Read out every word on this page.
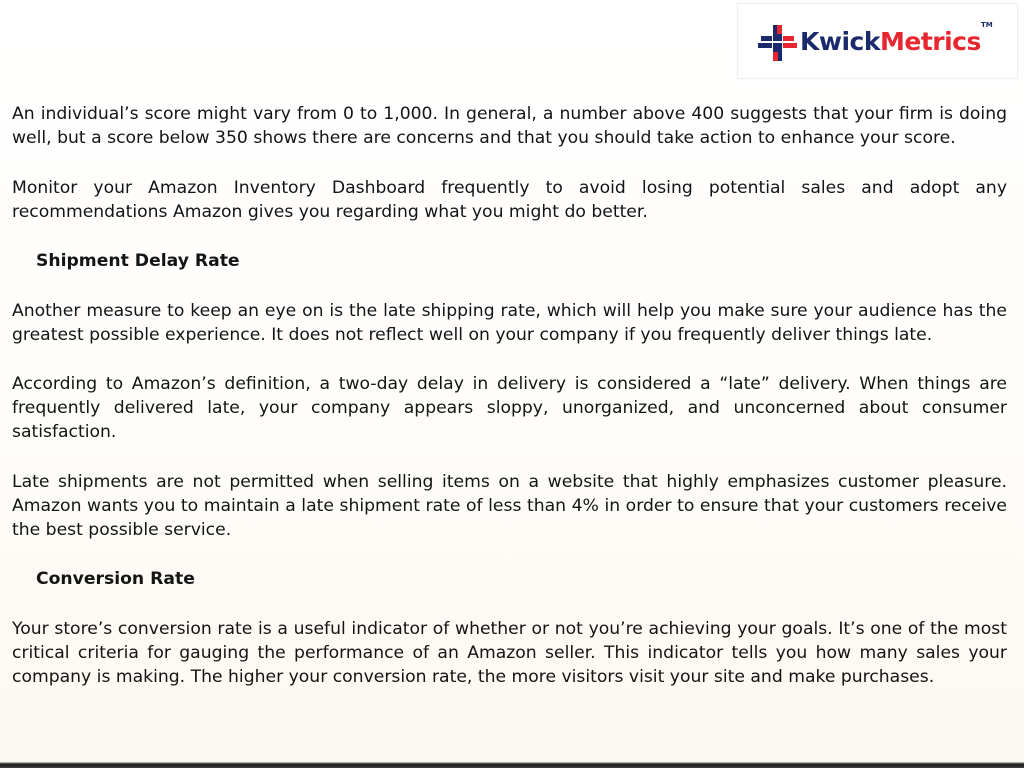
KwickMetrics
TM

An individual’s score might vary from 0 to 1,000. In general, a number above 400 suggests that your firm is doing well, but a score below 350 shows there are concerns and that you should take action to enhance your score.

Monitor your Amazon Inventory Dashboard frequently to avoid losing potential sales and adopt any recommendations Amazon gives you regarding what you might do better.

Shipment Delay Rate

Another measure to keep an eye on is the late shipping rate, which will help you make sure your audience has the greatest possible experience. It does not reflect well on your company if you frequently deliver things late.

According to Amazon’s definition, a two-day delay in delivery is considered a “late” delivery. When things are frequently delivered late, your company appears sloppy, unorganized, and unconcerned about consumer satisfaction.

Late shipments are not permitted when selling items on a website that highly emphasizes customer pleasure. Amazon wants you to maintain a late shipment rate of less than 4% in order to ensure that your customers receive the best possible service.

Conversion Rate

Your store’s conversion rate is a useful indicator of whether or not you’re achieving your goals. It’s one of the most critical criteria for gauging the performance of an Amazon seller. This indicator tells you how many sales your company is making. The higher your conversion rate, the more visitors visit your site and make purchases.
